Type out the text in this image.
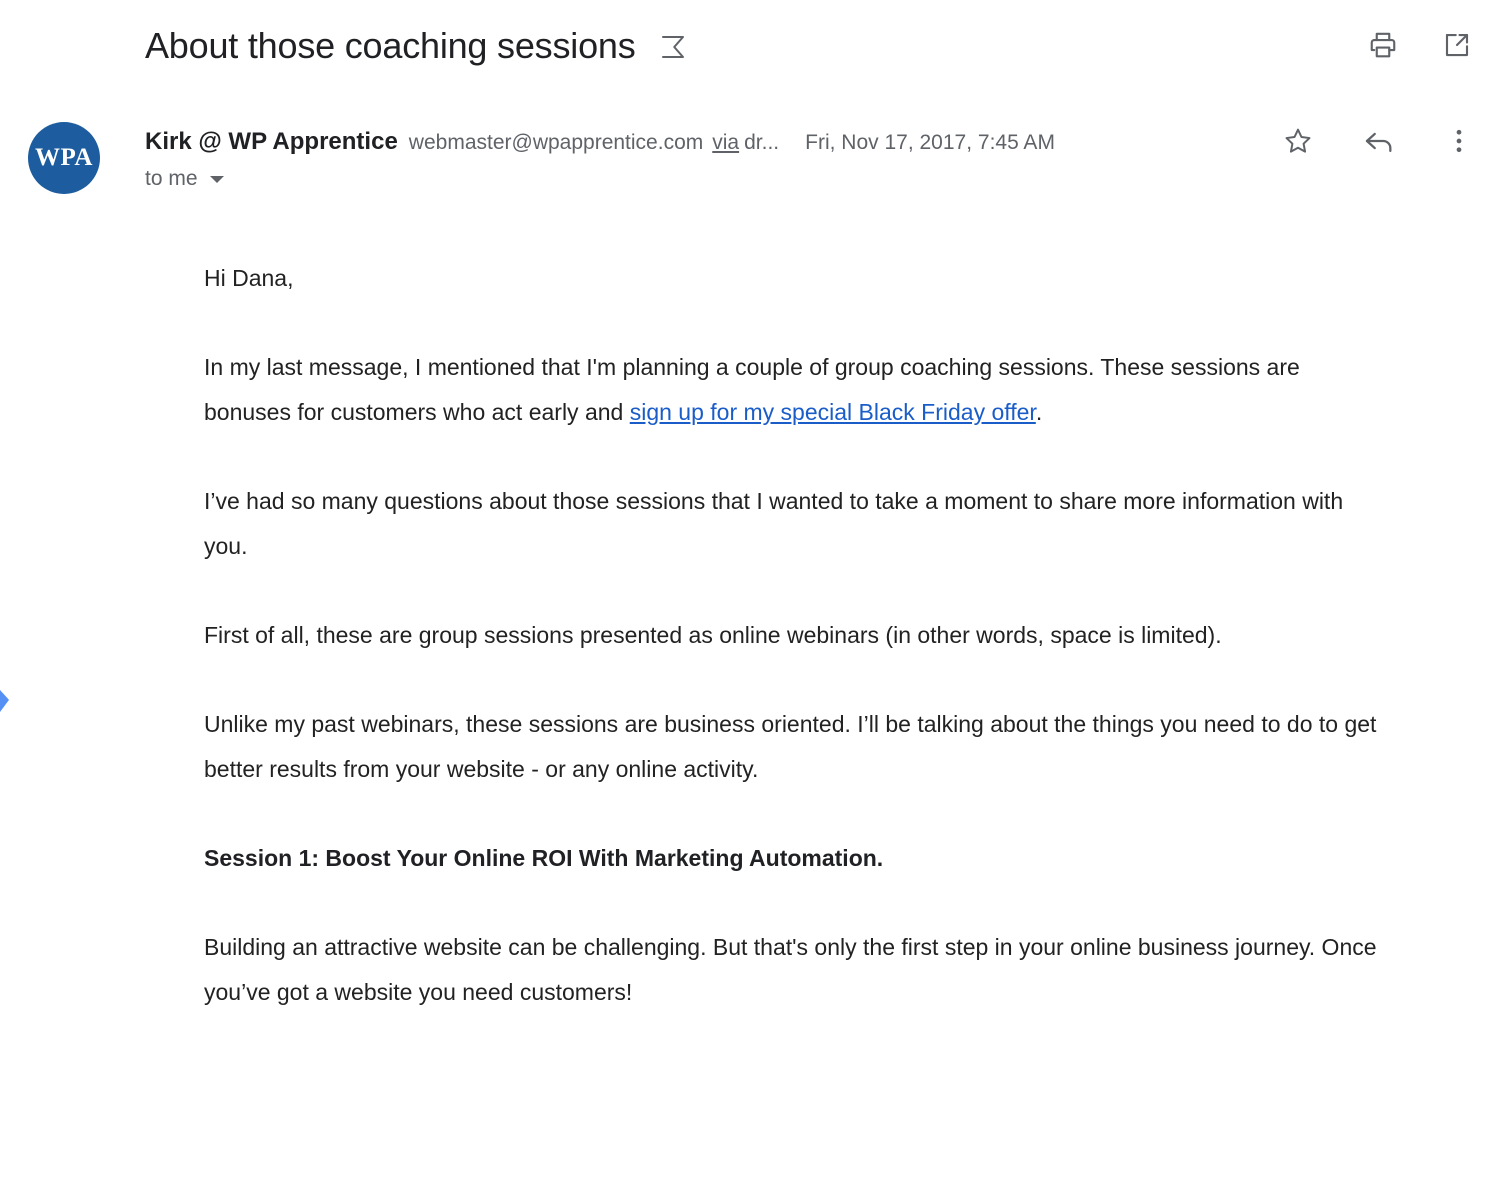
About those coaching sessions
WPA
Kirk @ WP Apprentice webmaster@wpapprentice.com via dr... Fri, Nov 17, 2017, 7:45 AM
to me

Hi Dana,

In my last message, I mentioned that I'm planning a couple of group coaching sessions. These sessions are bonuses for customers who act early and sign up for my special Black Friday offer.

I’ve had so many questions about those sessions that I wanted to take a moment to share more information with you.

First of all, these are group sessions presented as online webinars (in other words, space is limited).

Unlike my past webinars, these sessions are business oriented. I’ll be talking about the things you need to do to get better results from your website - or any online activity.

Session 1: Boost Your Online ROI With Marketing Automation.

Building an attractive website can be challenging. But that's only the first step in your online business journey. Once you’ve got a website you need customers!
